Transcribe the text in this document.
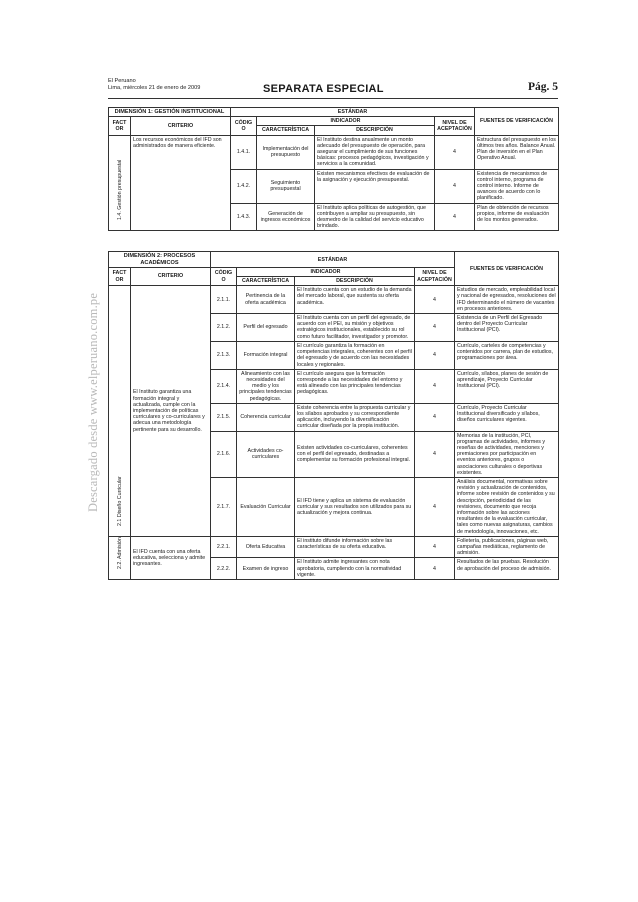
Descargado desde www.elperuano.com.pe
El Peruano
Lima, miércoles 21 de enero de 2009	SEPARATA ESPECIAL	Pág. 5
DIMENSIÓN 1: GESTIÓN INSTITUCIONAL		ESTÁNDAR				FUENTES DE VERIFICACIÓN
FACTOR	CRITERIO	CÓDIGO	INDICADOR		NIVEL DE ACEPTACIÓN	
			CARACTERÍSTICA	DESCRIPCIÓN		

1.4. Gestión presupuestal	Los recursos económicos del IFD son administrados de manera eficiente.	1.4.1.	Implementación del presupuesto	El Instituto destina anualmente un monto adecuado del presupuesto de operación, para asegurar el cumplimiento de sus funciones básicas: procesos pedagógicos, investigación y servicios a la comunidad.	4	Estructura del presupuesto en los últimos tres años. Balance Anual. Plan de inversión en el Plan Operativo Anual.
		1.4.2.	Seguimiento presupuestal	Existen mecanismos efectivos de evaluación de la asignación y ejecución presupuestal.	4	Existencia de mecanismos de control interno, programa de control interno. Informe de avances de acuerdo con lo planificado.
		1.4.3.	Generación de ingresos económicos	El Instituto aplica políticas de autogestión, que contribuyen a ampliar su presupuesto, sin desmedro de la calidad del servicio educativo brindado.	4	Plan de obtención de recursos propios, informe de evaluación de los montos generados.
DIMENSIÓN 2: PROCESOS ACADÉMICOS		ESTÁNDAR				FUENTES DE VERIFICACIÓN
FACTOR	CRITERIO	CÓDIGO	INDICADOR		NIVEL DE ACEPTACIÓN	
			CARACTERÍSTICA	DESCRIPCIÓN		

2.1 Diseño Curricular	El Instituto garantiza una formación integral y actualizada, cumple con la implementación de políticas curriculares y co-curriculares y adecua una metodología pertinente para su desarrollo.	2.1.1.	Pertinencia de la oferta académica	El Instituto cuenta con un estudio de la demanda del mercado laboral, que sustenta su oferta académica.	4	Estudios de mercado, empleabilidad local y nacional de egresados, resoluciones del IFD determinando el número de vacantes en procesos anteriores.
		2.1.2.	Perfil del egresado	El Instituto cuenta con un perfil del egresado, de acuerdo con el PEI, su misión y objetivos estratégicos institucionales, establecido su rol como futuro facilitador, investigador y promotor.	4	Existencia de un Perfil del Egresado dentro del Proyecto Curricular Institucional (PCI).
		2.1.3.	Formación integral	El currículo garantiza la formación en competencias integrales, coherentes con el perfil del egresado y de acuerdo con las necesidades locales y regionales.	4	Currículo, carteles de competencias y contenidos por carrera, plan de estudios, programaciones por área.
		2.1.4.	Alineamiento con las necesidades del medio y los principales tendencias pedagógicas.	El currículo asegura que la formación corresponde a las necesidades del entorno y está alineado con las principales tendencias pedagógicas.	4	Currículo, sílabos, planes de sesión de aprendizaje, Proyecto Curricular Institucional (PCI).
		2.1.5.	Coherencia curricular	Existe coherencia entre la propuesta curricular y los sílabos aprobados y su correspondiente aplicación, incluyendo la diversificación curricular diseñada por la propia institución.	4	Currículo, Proyecto Curricular Institucional diversificado y sílabos, diseños curriculares vigentes.
		2.1.6.	Actividades co-curriculares	Existen actividades co-curriculares, coherentes con el perfil del egresado, destinadas a complementar su formación profesional integral.	4	Memorias de la institución, PCI, programas de actividades, informes y reseñas de actividades, menciones y premiaciones por participación en eventos anteriores, grupos o asociaciones culturales o deportivas existentes.
		2.1.7.	Evaluación Curricular	El IFD tiene y aplica un sistema de evaluación curricular y sus resultados son utilizados para su actualización y mejora continua.	4	Análisis documental, normativas sobre revisión y actualización de contenidos, informe sobre revisión de contenidos y su descripción, periodicidad de las revisiones, documento que recoja información sobre las acciones resultantes de la evaluación curricular, tales como nuevas asignaturas, cambios de metodología, innovaciones, etc.

2.2. Admisión	El IFD cuenta con una oferta educativa, selecciona y admite ingresantes.	2.2.1.	Oferta Educativa	El instituto difunde información sobre las características de su oferta educativa.	4	Folletería, publicaciones, páginas web, campañas mediáticas, reglamento de admisión.
		2.2.2.	Examen de ingreso	El Instituto admite ingresantes con nota aprobatoria, cumpliendo con la normatividad vigente.	4	Resultados de las pruebas. Resolución de aprobación del proceso de admisión.
